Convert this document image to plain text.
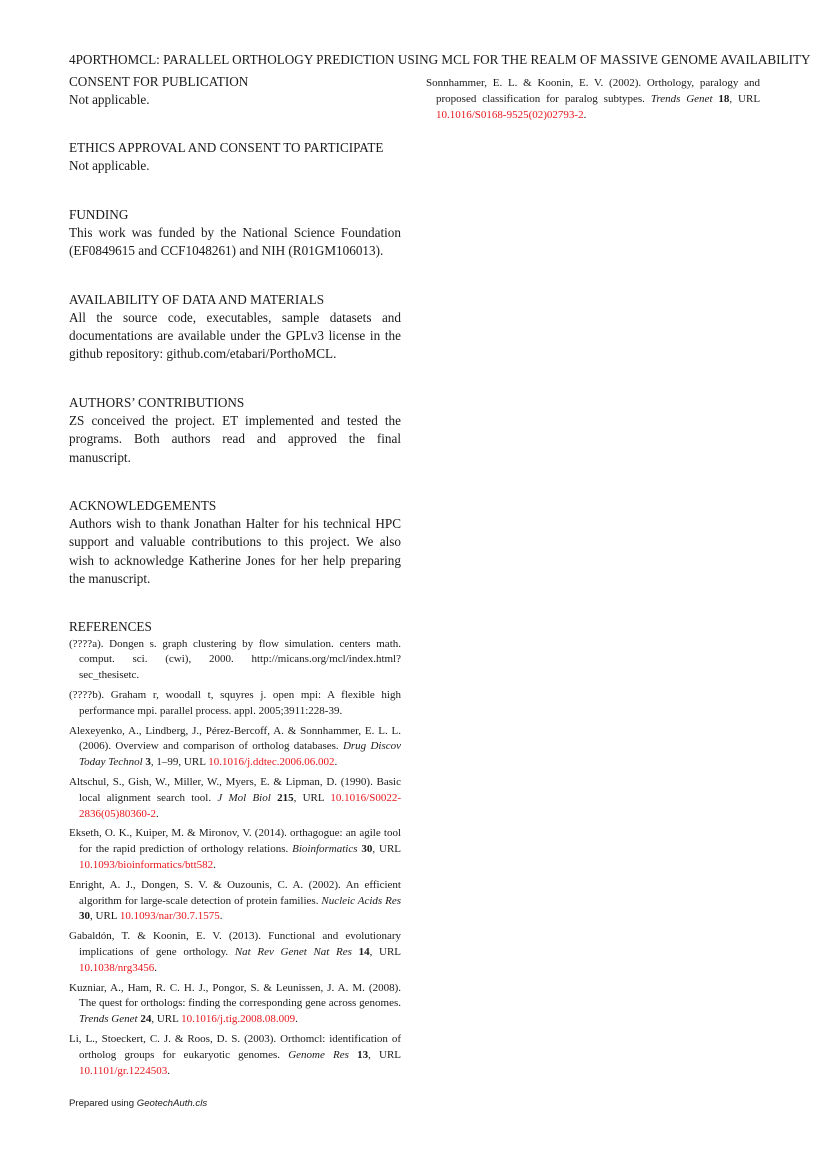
4PORTHOMCL: PARALLEL ORTHOLOGY PREDICTION USING MCL FOR THE REALM OF MASSIVE GENOME AVAILABILITY

CONSENT FOR PUBLICATION

Not applicable.

ETHICS APPROVAL AND CONSENT TO PARTICIPATE

Not applicable.

FUNDING

This work was funded by the National Science Foundation (EF0849615 and CCF1048261) and NIH (R01GM106013).

AVAILABILITY OF DATA AND MATERIALS

All the source code, executables, sample datasets and documentations are available under the GPLv3 license in the github repository: github.com/etabari/PorthoMCL.

AUTHORS’ CONTRIBUTIONS

ZS conceived the project. ET implemented and tested the programs. Both authors read and approved the final manuscript.

ACKNOWLEDGEMENTS

Authors wish to thank Jonathan Halter for his technical HPC support and valuable contributions to this project. We also wish to acknowledge Katherine Jones for her help preparing the manuscript.

REFERENCES

(????a). Dongen s. graph clustering by flow simulation. centers math. comput. sci. (cwi), 2000. http://micans.org/mcl/index.html?sec_thesisetc.

(????b). Graham r, woodall t, squyres j. open mpi: A flexible high performance mpi. parallel process. appl. 2005;3911:228-39.

Alexeyenko, A., Lindberg, J., Pérez-Bercoff, A. & Sonnhammer, E. L. L. (2006). Overview and comparison of ortholog databases. Drug Discov Today Technol 3, 1–99, URL 10.1016/j.ddtec.2006.06.002.

Altschul, S., Gish, W., Miller, W., Myers, E. & Lipman, D. (1990). Basic local alignment search tool. J Mol Biol 215, URL 10.1016/S0022-2836(05)80360-2.

Ekseth, O. K., Kuiper, M. & Mironov, V. (2014). orthagogue: an agile tool for the rapid prediction of orthology relations. Bioinformatics 30, URL 10.1093/bioinformatics/btt582.

Enright, A. J., Dongen, S. V. & Ouzounis, C. A. (2002). An efficient algorithm for large-scale detection of protein families. Nucleic Acids Res 30, URL 10.1093/nar/30.7.1575.

Gabaldón, T. & Koonin, E. V. (2013). Functional and evolutionary implications of gene orthology. Nat Rev Genet Nat Res 14, URL 10.1038/nrg3456.

Kuzniar, A., Ham, R. C. H. J., Pongor, S. & Leunissen, J. A. M. (2008). The quest for orthologs: finding the corresponding gene across genomes. Trends Genet 24, URL 10.1016/j.tig.2008.08.009.

Li, L., Stoeckert, C. J. & Roos, D. S. (2003). Orthomcl: identification of ortholog groups for eukaryotic genomes. Genome Res 13, URL 10.1101/gr.1224503.

Sonnhammer, E. L. & Koonin, E. V. (2002). Orthology, paralogy and proposed classification for paralog subtypes. Trends Genet 18, URL 10.1016/S0168-9525(02)02793-2.

Prepared using GeotechAuth.cls
